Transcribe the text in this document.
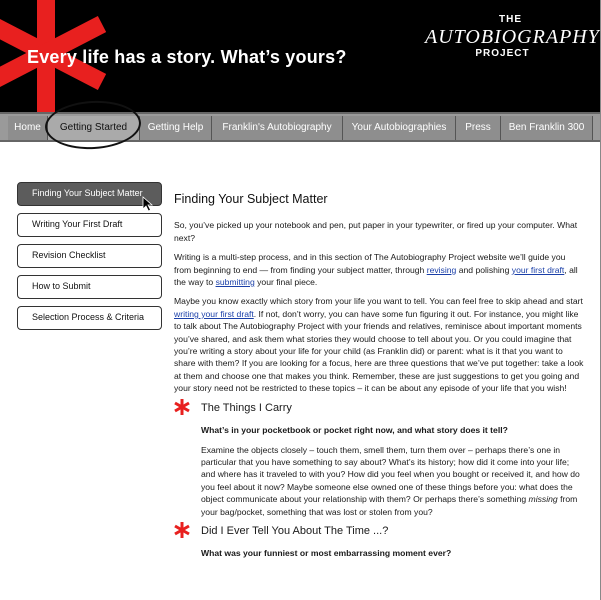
Every life has a story. What’s yours?
THE
AUTOBIOGRAPHY
PROJECT
Home	Getting Started	Getting Help	Franklin's Autobiography	Your Autobiographies	Press	Ben Franklin 300
Finding Your Subject Matter
Writing Your First Draft
Revision Checklist
How to Submit
Selection Process & Criteria
Finding Your Subject Matter

So, you’ve picked up your notebook and pen, put paper in your typewriter, or fired up your computer. What next?

Writing is a multi-step process, and in this section of The Autobiography Project website we’ll guide you from beginning to end — from finding your subject matter, through revising and polishing your first draft, all the way to submitting your final piece.

Maybe you know exactly which story from your life you want to tell. You can feel free to skip ahead and start writing your first draft. If not, don’t worry, you can have some fun figuring it out. For instance, you might like to talk about The Autobiography Project with your friends and relatives, reminisce about important moments you’ve shared, and ask them what stories they would choose to tell about you. Or you could imagine that you’re writing a story about your life for your child (as Franklin did) or parent: what is it that you want to share with them? If you are looking for a focus, here are three questions that we’ve put together: take a look at them and choose one that makes you think. Remember, these are just suggestions to get you going and your story need not be restricted to these topics – it can be about any episode of your life that you wish!

The Things I Carry

What’s in your pocketbook or pocket right now, and what story does it tell?

Examine the objects closely – touch them, smell them, turn them over – perhaps there’s one in particular that you have something to say about? What’s its history; how did it come into your life; and where has it traveled to with you? How did you feel when you bought or received it, and how do you feel about it now? Maybe someone else owned one of these things before you: what does the object communicate about your relationship with them? Or perhaps there’s something missing from your bag/pocket, something that was lost or stolen from you?

Did I Ever Tell You About The Time ...?

What was your funniest or most embarrassing moment ever?
